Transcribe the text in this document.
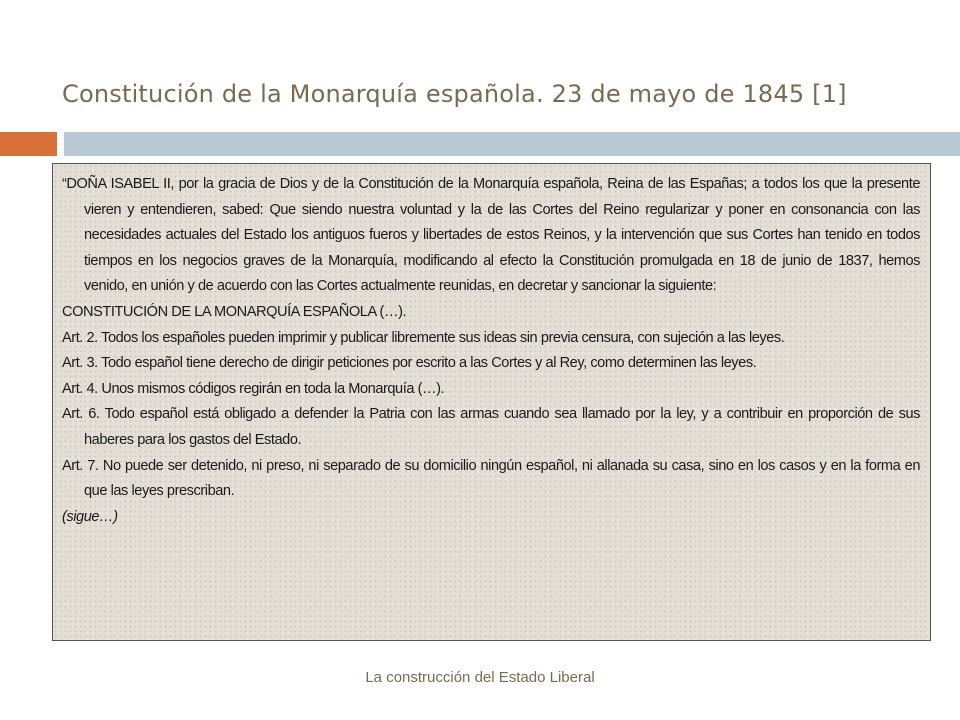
Constitución de la Monarquía española. 23 de mayo de 1845 [1]

“DOÑA ISABEL II, por la gracia de Dios y de la Constitución de la Monarquía española, Reina de las Españas; a todos los que la presente vieren y entendieren, sabed: Que siendo nuestra voluntad y la de las Cortes del Reino regularizar y poner en consonancia con las necesidades actuales del Estado los antiguos fueros y libertades de estos Reinos, y la intervención que sus Cortes han tenido en todos tiempos en los negocios graves de la Monarquía, modificando al efecto la Constitución promulgada en 18 de junio de 1837, hemos venido, en unión y de acuerdo con las Cortes actualmente reunidas, en decretar y sancionar la siguiente:

CONSTITUCIÓN DE LA MONARQUÍA ESPAÑOLA (…).

Art. 2. Todos los españoles pueden imprimir y publicar libremente sus ideas sin previa censura, con sujeción a las leyes.

Art. 3. Todo español tiene derecho de dirigir peticiones por escrito a las Cortes y al Rey, como determinen las leyes.

Art. 4. Unos mismos códigos regirán en toda la Monarquía (…).

Art. 6. Todo español está obligado a defender la Patria con las armas cuando sea llamado por la ley, y a contribuir en proporción de sus haberes para los gastos del Estado.

Art. 7. No puede ser detenido, ni preso, ni separado de su domicilio ningún español, ni allanada su casa, sino en los casos y en la forma en que las leyes prescriban.

(sigue…)

La construcción del Estado Liberal
